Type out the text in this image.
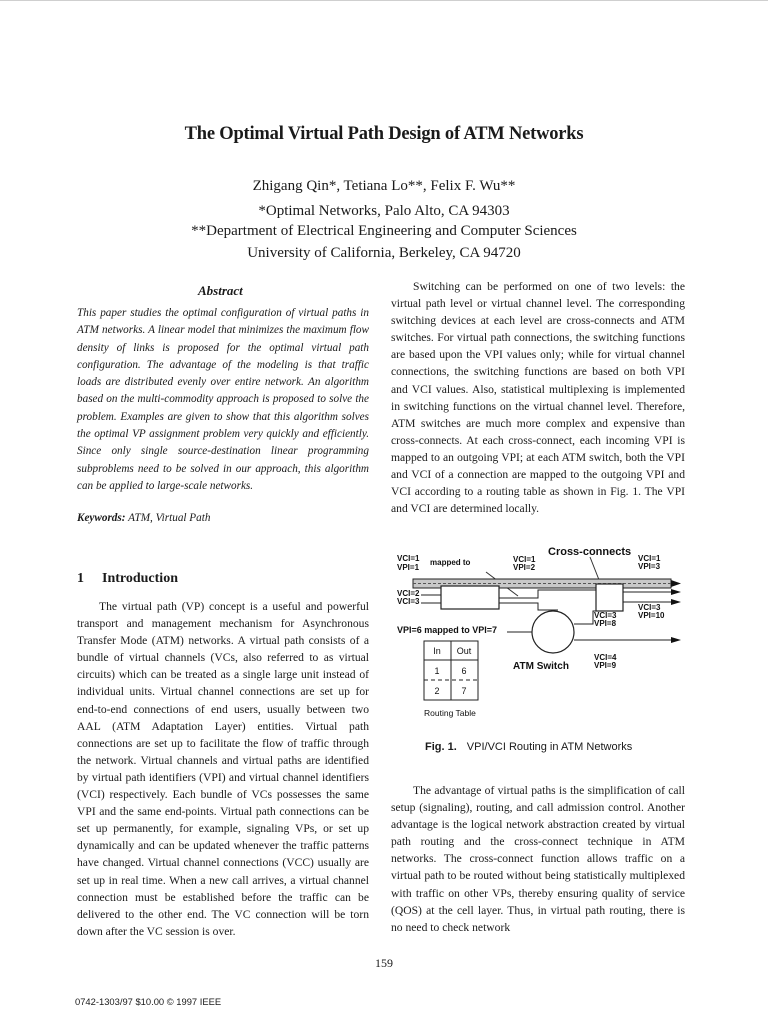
The Optimal Virtual Path Design of ATM Networks
Zhigang Qin*, Tetiana Lo**, Felix F. Wu**
*Optimal Networks, Palo Alto, CA 94303
**Department of Electrical Engineering and Computer Sciences
University of California, Berkeley, CA 94720
Abstract

This paper studies the optimal configuration of virtual paths in ATM networks. A linear model that minimizes the maximum flow density of links is proposed for the optimal virtual path configuration. The advantage of the modeling is that traffic loads are distributed evenly over entire network. An algorithm based on the multi-commodity approach is proposed to solve the problem. Examples are given to show that this algorithm solves the optimal VP assignment problem very quickly and efficiently. Since only single source-destination linear programming subproblems need to be solved in our approach, this algorithm can be applied to large-scale networks.

Keywords: ATM, Virtual Path
1 Introduction

The virtual path (VP) concept is a useful and powerful transport and management mechanism for Asynchronous Transfer Mode (ATM) networks. A virtual path consists of a bundle of virtual channels (VCs, also referred to as virtual circuits) which can be treated as a single large unit instead of individual units. Virtual channel connections are set up for end-to-end connections of end users, usually between two AAL (ATM Adaptation Layer) entities. Virtual path connections are set up to facilitate the flow of traffic through the network. Virtual channels and virtual paths are identified by virtual path identifiers (VPI) and virtual channel identifiers (VCI) respectively. Each bundle of VCs possesses the same VPI and the same end-points. Virtual path connections can be set up permanently, for example, signaling VPs, or set up dynamically and can be updated whenever the traffic patterns have changed. Virtual channel connections (VCC) usually are set up in real time. When a new call arrives, a virtual channel connection must be established before the traffic can be delivered to the other end. The VC connection will be torn down after the VC session is over.

Switching can be performed on one of two levels: the virtual path level or virtual channel level. The corresponding switching devices at each level are cross-connects and ATM switches. For virtual path connections, the switching functions are based upon the VPI values only; while for virtual channel connections, the switching functions are based on both VPI and VCI values. Also, statistical multiplexing is implemented in switching functions on the virtual channel level. Therefore, ATM switches are much more complex and expensive than cross-connects. At each cross-connect, each incoming VPI is mapped to an outgoing VPI; at each ATM switch, both the VPI and VCI of a connection are mapped to the outgoing VPI and VCI according to a routing table as shown in Fig. 1. The VPI and VCI are determined locally.

VCI=1
VPI=1
mapped to	VCI=1
VPI=2
VCI=1
VPI=3
VCI=2
VCI=3
VCI=3
VPI=8
VCI=3
VPI=10
VCI=4
VPI=9
Cross-connects
VPI=6 mapped to VPI=7
ATM Switch
In Out
1 6
2 7
Routing Table
Fig. 1. VPI/VCI Routing in ATM Networks

The advantage of virtual paths is the simplification of call setup (signaling), routing, and call admission control. Another advantage is the logical network abstraction created by virtual path routing and the cross-connect technique in ATM networks. The cross-connect function allows traffic on a virtual path to be routed without being statistically multiplexed with traffic on other VPs, thereby ensuring quality of service (QOS) at the cell layer. Thus, in virtual path routing, there is no need to check network

159
0742-1303/97 $10.00 © 1997 IEEE
